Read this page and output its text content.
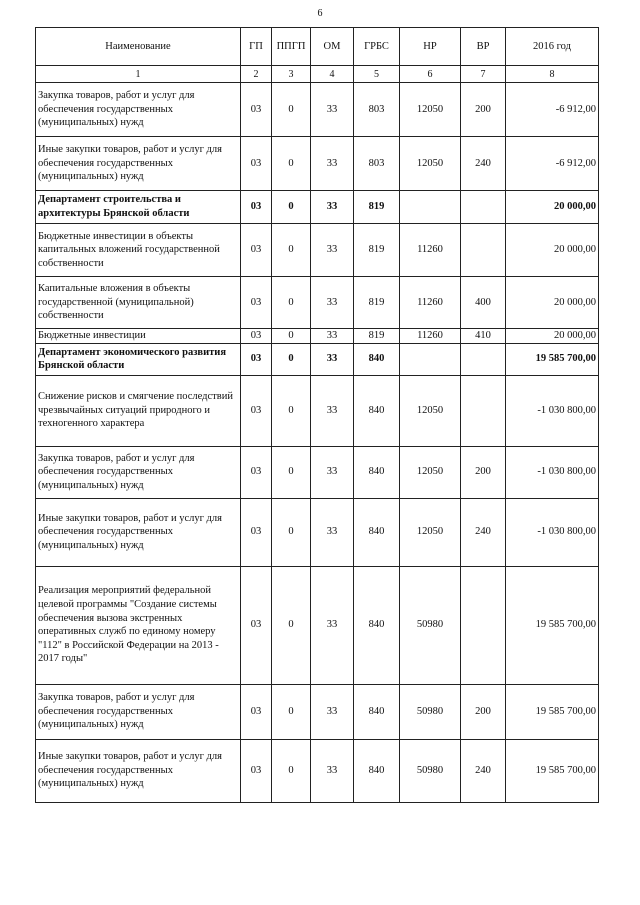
6
Наименование	ГП	ППГП	ОМ	ГРБС	НР	ВР	2016 год
1	2	3	4	5	6	7	8
Закупка товаров, работ и услуг для обеспечения государственных (муниципальных) нужд	03	0	33	803	12050	200	-6 912,00
Иные закупки товаров, работ и услуг для обеспечения государственных (муниципальных) нужд	03	0	33	803	12050	240	-6 912,00
Департамент строительства и архитектуры Брянской области	03	0	33	819			20 000,00
Бюджетные инвестиции в объекты капитальных вложений государственной собственности	03	0	33	819	11260		20 000,00
Капитальные вложения в объекты государственной (муниципальной) собственности	03	0	33	819	11260	400	20 000,00
Бюджетные инвестиции	03	0	33	819	11260	410	20 000,00
Департамент экономического развития Брянской области	03	0	33	840			19 585 700,00
Снижение рисков и смягчение последствий чрезвычайных ситуаций природного и техногенного характера	03	0	33	840	12050		-1 030 800,00
Закупка товаров, работ и услуг для обеспечения государственных (муниципальных) нужд	03	0	33	840	12050	200	-1 030 800,00
Иные закупки товаров, работ и услуг для обеспечения государственных (муниципальных) нужд	03	0	33	840	12050	240	-1 030 800,00
Реализация мероприятий федеральной целевой программы "Создание системы обеспечения вызова экстренных оперативных служб по единому номеру "112" в Российской Федерации на 2013 - 2017 годы"	03	0	33	840	50980		19 585 700,00
Закупка товаров, работ и услуг для обеспечения государственных (муниципальных) нужд	03	0	33	840	50980	200	19 585 700,00
Иные закупки товаров, работ и услуг для обеспечения государственных (муниципальных) нужд	03	0	33	840	50980	240	19 585 700,00
